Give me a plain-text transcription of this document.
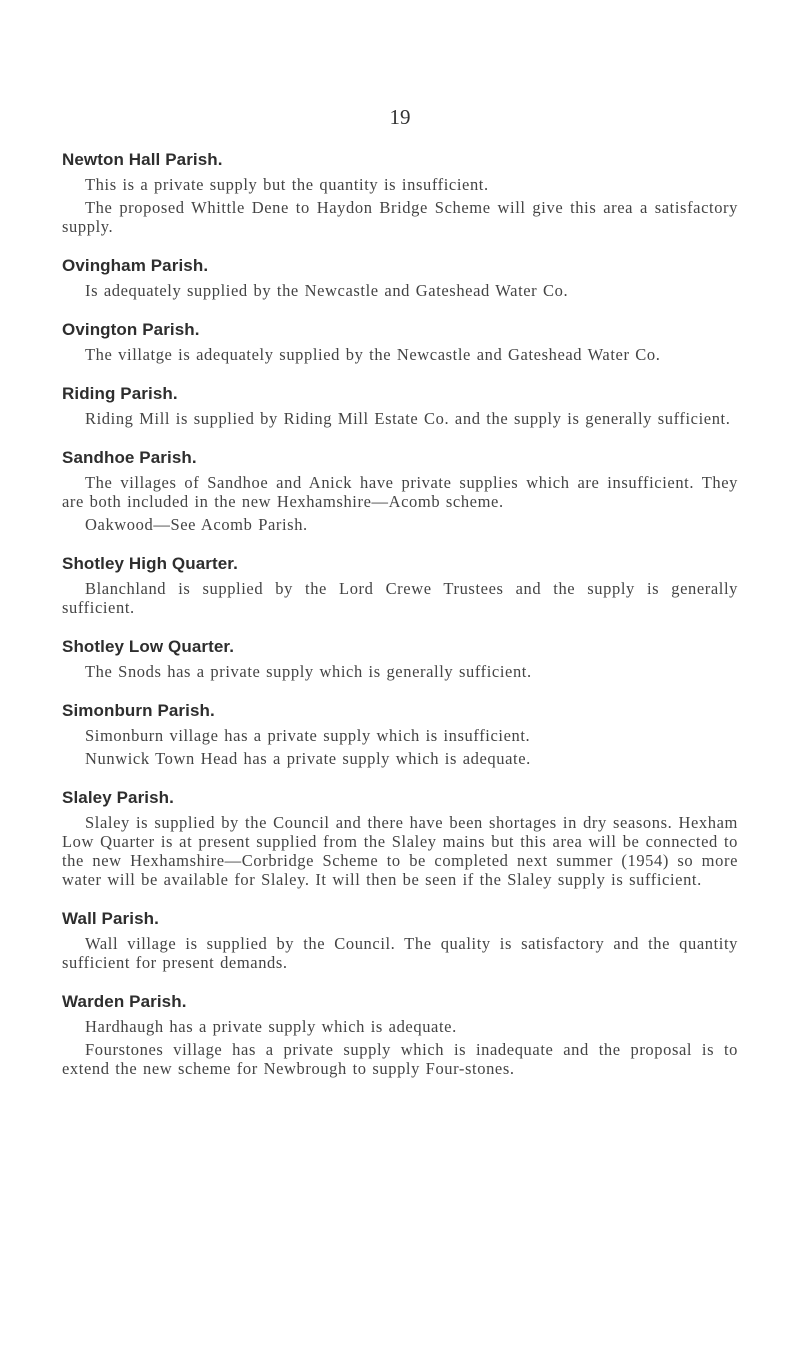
19
Newton Hall Parish.

This is a private supply but the quantity is insufficient.

The proposed Whittle Dene to Haydon Bridge Scheme will give this area a satisfactory supply.

Ovingham Parish.

Is adequately supplied by the Newcastle and Gateshead Water Co.

Ovington Parish.

The villatge is adequately supplied by the Newcastle and Gateshead Water Co.

Riding Parish.

Riding Mill is supplied by Riding Mill Estate Co. and the supply is generally sufficient.

Sandhoe Parish.

The villages of Sandhoe and Anick have private supplies which are insufficient. They are both included in the new Hexhamshire—Acomb scheme.

Oakwood—See Acomb Parish.

Shotley High Quarter.

Blanchland is supplied by the Lord Crewe Trustees and the supply is generally sufficient.

Shotley Low Quarter.

The Snods has a private supply which is generally sufficient.

Simonburn Parish.

Simonburn village has a private supply which is insufficient.

Nunwick Town Head has a private supply which is adequate.

Slaley Parish.

Slaley is supplied by the Council and there have been shortages in dry seasons. Hexham Low Quarter is at present supplied from the Slaley mains but this area will be connected to the new Hexhamshire—Corbridge Scheme to be completed next summer (1954) so more water will be available for Slaley. It will then be seen if the Slaley supply is sufficient.

Wall Parish.

Wall village is supplied by the Council. The quality is satisfactory and the quantity sufficient for present demands.

Warden Parish.

Hardhaugh has a private supply which is adequate.

Fourstones village has a private supply which is inadequate and the proposal is to extend the new scheme for Newbrough to supply Four-stones.
